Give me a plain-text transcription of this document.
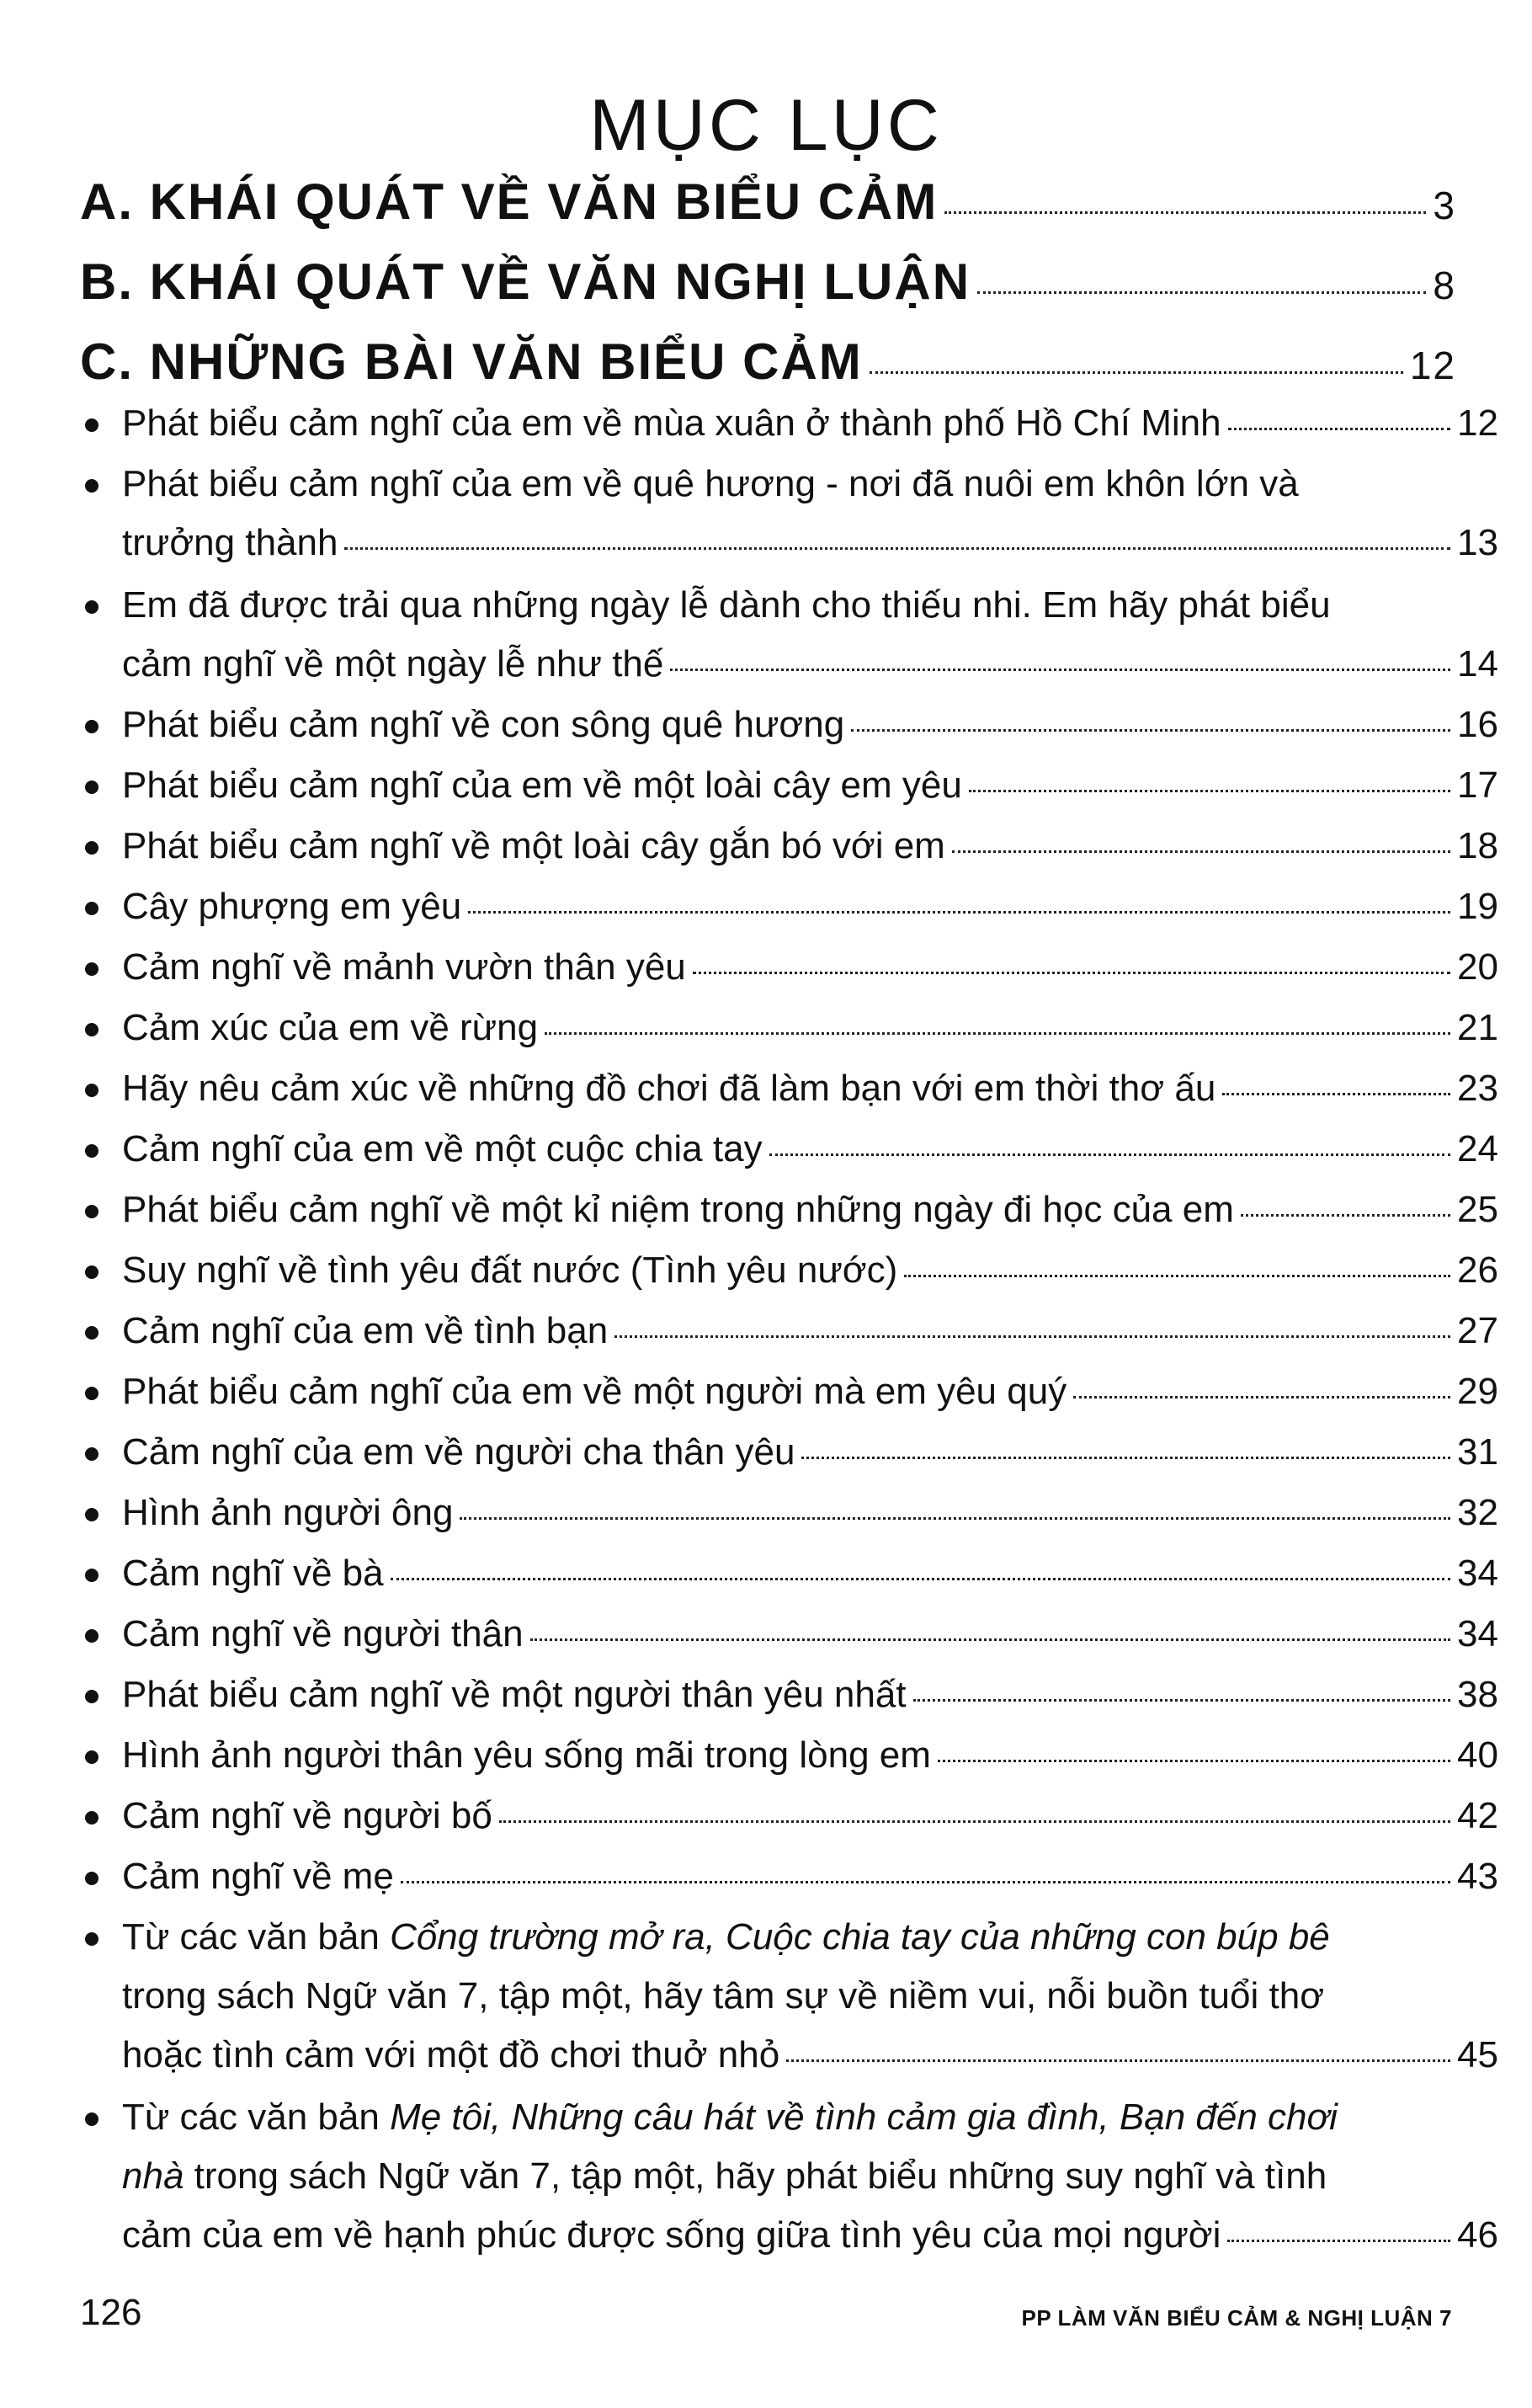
MỤC LỤC
A. KHÁI QUÁT VỀ VĂN BIỂU CẢM	3
B. KHÁI QUÁT VỀ VĂN NGHỊ LUẬN	8
C. NHỮNG BÀI VĂN BIỂU CẢM	12
Phát biểu cảm nghĩ của em về mùa xuân ở thành phố Hồ Chí Minh	12
Phát biểu cảm nghĩ của em về quê hương - nơi đã nuôi em khôn lớn và
trưởng thành	13
Em đã được trải qua những ngày lễ dành cho thiếu nhi. Em hãy phát biểu
cảm nghĩ về một ngày lễ như thế	14
Phát biểu cảm nghĩ về con sông quê hương	16
Phát biểu cảm nghĩ của em về một loài cây em yêu	17
Phát biểu cảm nghĩ về một loài cây gắn bó với em	18
Cây phượng em yêu	19
Cảm nghĩ về mảnh vườn thân yêu	20
Cảm xúc của em về rừng	21
Hãy nêu cảm xúc về những đồ chơi đã làm bạn với em thời thơ ấu	23
Cảm nghĩ của em về một cuộc chia tay	24
Phát biểu cảm nghĩ về một kỉ niệm trong những ngày đi học của em	25
Suy nghĩ về tình yêu đất nước (Tình yêu nước)	26
Cảm nghĩ của em về tình bạn	27
Phát biểu cảm nghĩ của em về một người mà em yêu quý	29
Cảm nghĩ của em về người cha thân yêu	31
Hình ảnh người ông	32
Cảm nghĩ về bà	34
Cảm nghĩ về người thân	34
Phát biểu cảm nghĩ về một người thân yêu nhất	38
Hình ảnh người thân yêu sống mãi trong lòng em	40
Cảm nghĩ về người bố	42
Cảm nghĩ về mẹ	43
Từ các văn bản Cổng trường mở ra, Cuộc chia tay của những con búp bê
trong sách Ngữ văn 7, tập một, hãy tâm sự về niềm vui, nỗi buồn tuổi thơ
hoặc tình cảm với một đồ chơi thuở nhỏ	45
Từ các văn bản Mẹ tôi, Những câu hát về tình cảm gia đình, Bạn đến chơi
nhà trong sách Ngữ văn 7, tập một, hãy phát biểu những suy nghĩ và tình
cảm của em về hạnh phúc được sống giữa tình yêu của mọi người	46
126	PP LÀM VĂN BIỂU CẢM & NGHỊ LUẬN 7
